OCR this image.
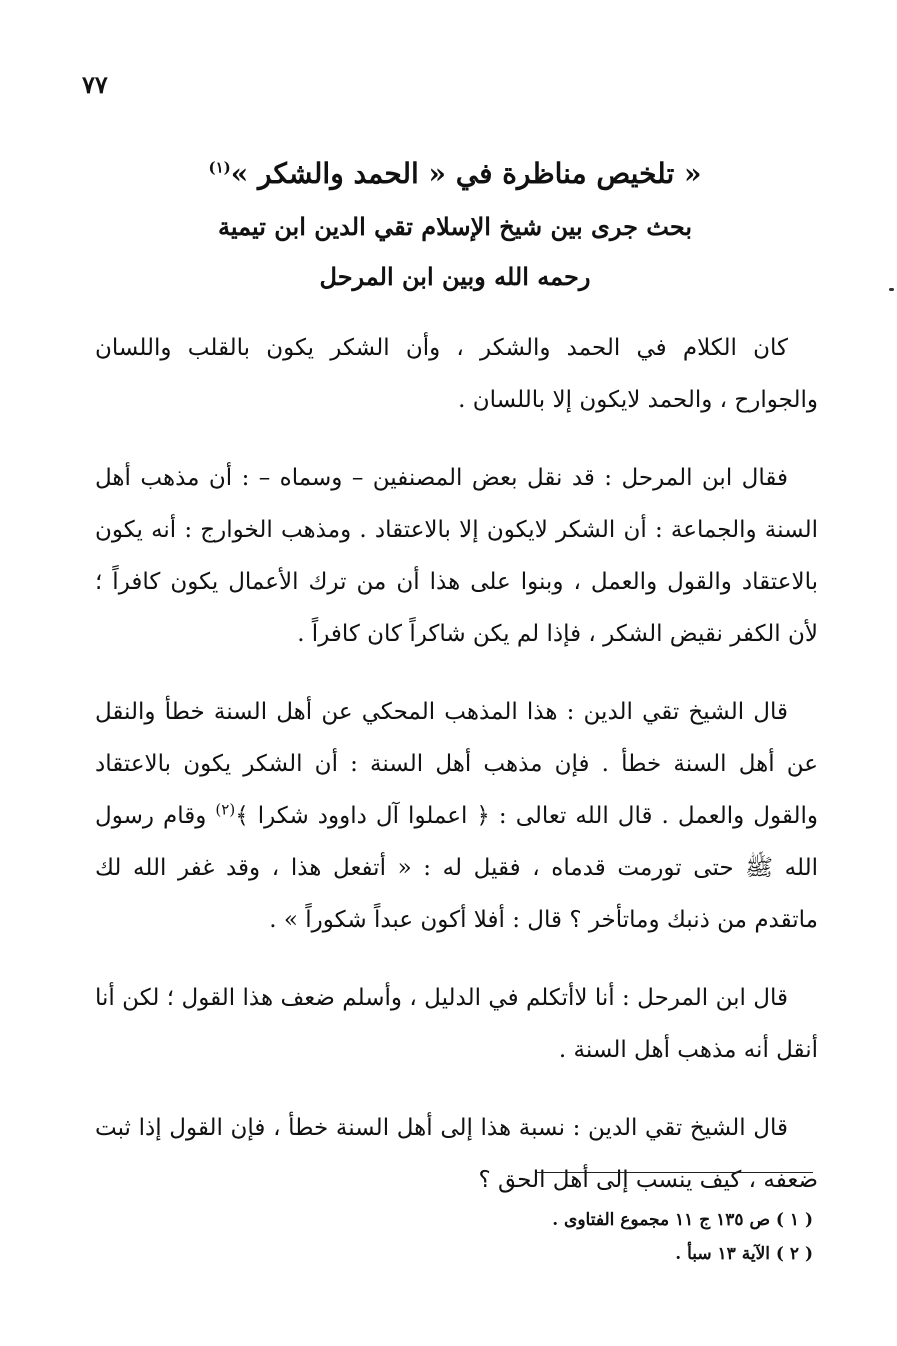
٧٧
« تلخيص مناظرة في « الحمد والشكر »$^{(١)}$
بحث جرى بين شيخ الإسلام تقي الدين ابن تيمية
رحمه الله وبين ابن المرحل

كان الكلام في الحمد والشكر ، وأن الشكر يكون بالقلب واللسان والجوارح ، والحمد لايكون إلا باللسان .

فقال ابن المرحل : قد نقل بعض المصنفين – وسماه – : أن مذهب أهل السنة والجماعة : أن الشكر لايكون إلا بالاعتقاد . ومذهب الخوارج : أنه يكون بالاعتقاد والقول والعمل ، وبنوا على هذا أن من ترك الأعمال يكون كافراً ؛ لأن الكفر نقيض الشكر ، فإذا لم يكن شاكراً كان كافراً .

قال الشيخ تقي الدين : هذا المذهب المحكي عن أهل السنة خطأ والنقل عن أهل السنة خطأ . فإن مذهب أهل السنة : أن الشكر يكون بالاعتقاد والقول والعمل . قال الله تعالى : ﴿ اعملوا آل داوود شكرا ﴾$^{(٢)}$ وقام رسول الله ﷺ حتى تورمت قدماه ، فقيل له : « أتفعل هذا ، وقد غفر الله لك ماتقدم من ذنبك وماتأخر ؟ قال : أفلا أكون عبداً شكوراً » .

قال ابن المرحل : أنا لاأتكلم في الدليل ، وأسلم ضعف هذا القول ؛ لكن أنا أنقل أنه مذهب أهل السنة .

قال الشيخ تقي الدين : نسبة هذا إلى أهل السنة خطأ ، فإن القول إذا ثبت ضعفه ، كيف ينسب إلى أهل الحق ؟

( ١ ) ص ١٣٥ ج ١١ مجموع الفتاوى .

( ٢ ) الآية ١٣ سبأ .
